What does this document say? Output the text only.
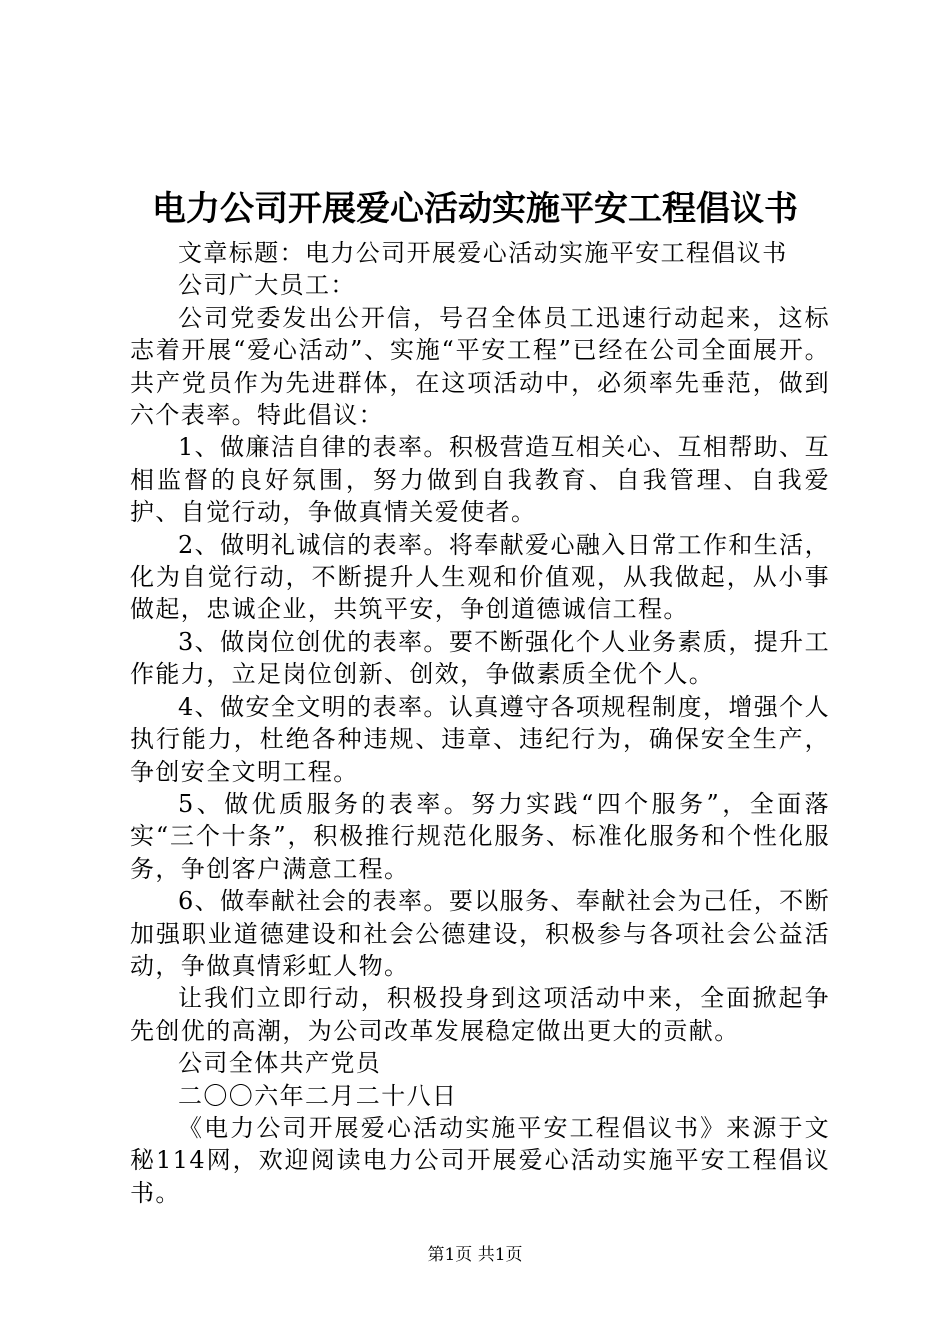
电力公司开展爱心活动实施平安工程倡议书

文章标题：电力公司开展爱心活动实施平安工程倡议书

公司广大员工：

公司党委发出公开信，号召全体员工迅速行动起来，这标志着开展“爱心活动”、实施“平安工程”已经在公司全面展开。共产党员作为先进群体，在这项活动中，必须率先垂范，做到六个表率。特此倡议：

1、做廉洁自律的表率。积极营造互相关心、互相帮助、互相监督的良好氛围，努力做到自我教育、自我管理、自我爱护、自觉行动，争做真情关爱使者。

2、做明礼诚信的表率。将奉献爱心融入日常工作和生活，化为自觉行动，不断提升人生观和价值观，从我做起，从小事做起，忠诚企业，共筑平安，争创道德诚信工程。

3、做岗位创优的表率。要不断强化个人业务素质，提升工作能力，立足岗位创新、创效，争做素质全优个人。

4、做安全文明的表率。认真遵守各项规程制度，增强个人执行能力，杜绝各种违规、违章、违纪行为，确保安全生产，争创安全文明工程。

5、做优质服务的表率。努力实践“四个服务”，全面落实“三个十条”，积极推行规范化服务、标准化服务和个性化服务，争创客户满意工程。

6、做奉献社会的表率。要以服务、奉献社会为己任，不断加强职业道德建设和社会公德建设，积极参与各项社会公益活动，争做真情彩虹人物。

让我们立即行动，积极投身到这项活动中来，全面掀起争先创优的高潮，为公司改革发展稳定做出更大的贡献。

公司全体共产党员

二〇〇六年二月二十八日

《电力公司开展爱心活动实施平安工程倡议书》来源于文秘114网，欢迎阅读电力公司开展爱心活动实施平安工程倡议书。

第1页 共1页
